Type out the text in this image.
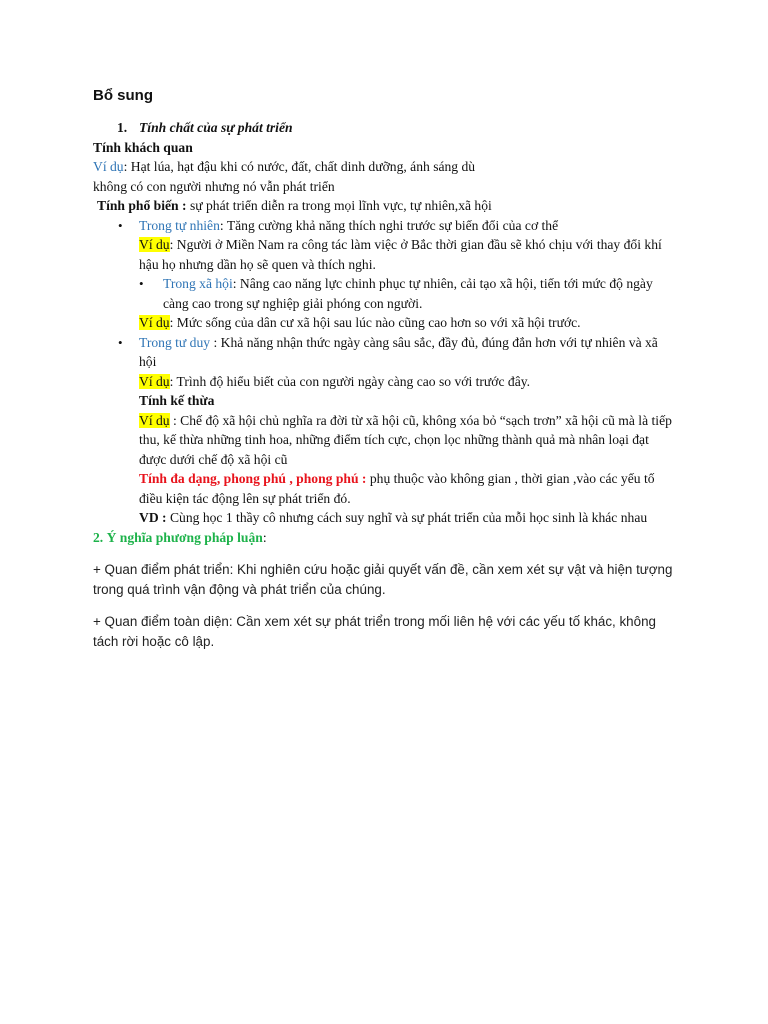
Bổ sung
1. Tính chất của sự phát triển

Tính khách quan

Ví dụ: Hạt lúa, hạt đậu khi có nước, đất, chất dinh dưỡng, ánh sáng dù
không có con người nhưng nó vẫn phát triển

Tính phổ biến : sự phát triển diễn ra trong mọi lĩnh vực, tự nhiên,xã hội

• Trong tự nhiên: Tăng cường khả năng thích nghi trước sự biến đổi của cơ thể

Ví dụ: Người ở Miền Nam ra công tác làm việc ở Bắc thời gian đầu sẽ khó chịu với thay đổi khí hậu họ nhưng dần họ sẽ quen và thích nghi.

• Trong xã hội: Nâng cao năng lực chinh phục tự nhiên, cải tạo xã hội, tiến tới mức độ ngày càng cao trong sự nghiệp giải phóng con người.

Ví dụ: Mức sống của dân cư xã hội sau lúc nào cũng cao hơn so với xã hội trước.

• Trong tư duy : Khả năng nhận thức ngày càng sâu sắc, đầy đủ, đúng đắn hơn với tự nhiên và xã hội

Ví dụ: Trình độ hiểu biết của con người ngày càng cao so với trước đây.

Tính kế thừa

Ví dụ : Chế độ xã hội chủ nghĩa ra đời từ xã hội cũ, không xóa bỏ “sạch trơn” xã hội cũ mà là tiếp thu, kế thừa những tinh hoa, những điểm tích cực, chọn lọc những thành quả mà nhân loại đạt được dưới chế độ xã hội cũ

Tính đa dạng, phong phú , phong phú : phụ thuộc vào không gian , thời gian ,vào các yếu tố điều kiện tác động lên sự phát triển đó.

VD : Cùng học 1 thầy cô nhưng cách suy nghĩ và sự phát triển của mỗi học sinh là khác nhau

2. Ý nghĩa phương pháp luận:

+ Quan điểm phát triển: Khi nghiên cứu hoặc giải quyết vấn đề, cần xem xét sự vật và hiện tượng trong quá trình vận động và phát triển của chúng.

+ Quan điểm toàn diện: Cần xem xét sự phát triển trong mối liên hệ với các yếu tố khác, không tách rời hoặc cô lập.
